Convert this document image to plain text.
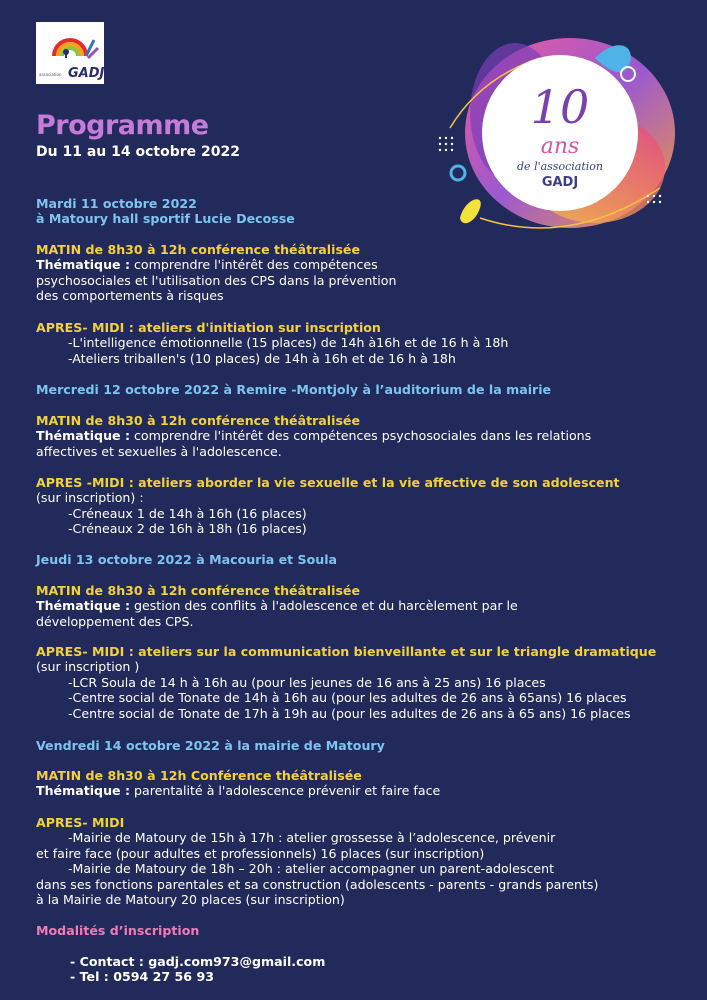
association GADJ
10
ans
de l'association
GADJ
Programme
Du 11 au 14 octobre 2022
Mardi 11 octobre 2022
à Matoury hall sportif Lucie Decosse
MATIN de 8h30 à 12h conférence théâtralisée
Thématique : comprendre l'intérêt des compétences
psychosociales et l'utilisation des CPS dans la prévention
des comportements à risques
APRES- MIDI : ateliers d'initiation sur inscription
-L'intelligence émotionnelle (15 places) de 14h à16h et de 16 h à 18h
-Ateliers triballen's (10 places) de 14h à 16h et de 16 h à 18h
Mercredi 12 octobre 2022 à Remire -Montjoly à l’auditorium de la mairie
MATIN de 8h30 à 12h conférence théâtralisée
Thématique : comprendre l'intérêt des compétences psychosociales dans les relations
affectives et sexuelles à l'adolescence.
APRES -MIDI : ateliers aborder la vie sexuelle et la vie affective de son adolescent
(sur inscription) :
-Créneaux 1 de 14h à 16h (16 places)
-Créneaux 2 de 16h à 18h (16 places)
Jeudi 13 octobre 2022 à Macouria et Soula
MATIN de 8h30 à 12h conférence théâtralisée
Thématique : gestion des conflits à l'adolescence et du harcèlement par le
développement des CPS.
APRES- MIDI : ateliers sur la communication bienveillante et sur le triangle dramatique
(sur inscription )
-LCR Soula de 14 h à 16h au (pour les jeunes de 16 ans à 25 ans) 16 places
-Centre social de Tonate de 14h à 16h au (pour les adultes de 26 ans à 65ans) 16 places
-Centre social de Tonate de 17h à 19h au (pour les adultes de 26 ans à 65 ans) 16 places
Vendredi 14 octobre 2022 à la mairie de Matoury
MATIN de 8h30 à 12h Conférence théâtralisée
Thématique : parentalité à l'adolescence prévenir et faire face
APRES- MIDI
-Mairie de Matoury de 15h à 17h : atelier grossesse à l’adolescence, prévenir
et faire face (pour adultes et professionnels) 16 places (sur inscription)
-Mairie de Matoury de 18h – 20h : atelier accompagner un parent-adolescent
dans ses fonctions parentales et sa construction (adolescents - parents - grands parents)
à la Mairie de Matoury 20 places (sur inscription)
Modalités d’inscription
- Contact : gadj.com973@gmail.com
- Tel : 0594 27 56 93
